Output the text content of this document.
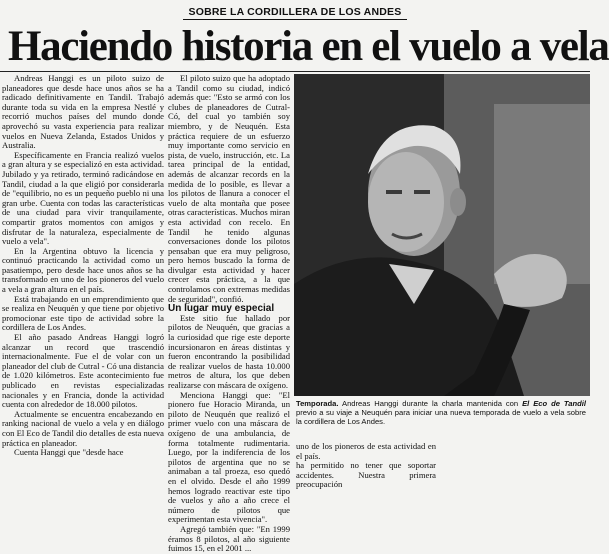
SOBRE LA CORDILLERA DE LOS ANDES
Haciendo historia en el vuelo a vela

Andreas Hanggi es un piloto suizo de planeadores que desde hace unos años se ha radicado definitivamente en Tandil. Trabajó durante toda su vida en la empresa Nestlé y recorrió muchos países del mundo donde aprovechó su vasta experiencia para realizar vuelos en Nueva Zelanda, Estados Unidos y Australia.

Específicamente en Francia realizó vuelos a gran altura y se especializó en esta actividad. Jubilado y ya retirado, terminó radicándose en Tandil, ciudad a la que eligió por considerarla de "equilibrio, no es un pequeño pueblo ni una gran urbe. Cuenta con todas las características de una ciudad para vivir tranquilamente, compartir gratos momentos con amigos y disfrutar de la naturaleza, especialmente de vuelo a vela".

En la Argentina obtuvo la licencia y continuó practicando la actividad como un pasatiempo, pero desde hace unos años se ha transformado en uno de los pioneros del vuelo a vela a gran altura en el país.

Está trabajando en un emprendimiento que se realiza en Neuquén y que tiene por objetivo promocionar este tipo de actividad sobre la cordillera de Los Andes.

El año pasado Andreas Hanggi logró alcanzar un record que trascendió internacionalmente. Fue el de volar con un planeador del club de Cutral - Có una distancia de 1.020 kilómetros. Este acontecimiento fue publicado en revistas especializadas nacionales y en Francia, donde la actividad cuenta con alrededor de 18.000 pilotos.

Actualmente se encuentra encabezando en ranking nacional de vuelo a vela y en diálogo con El Eco de Tandil dio detalles de esta nueva práctica en planeador.

Cuenta Hanggi que "desde hace

El piloto suizo que ha adoptado a Tandil como su ciudad, indicó además que: "Esto se armó con los clubes de planeadores de Cutral-Có, del cual yo también soy miembro, y de Neuquén. Esta práctica requiere de un esfuerzo muy importante como servicio en pista, de vuelo, instrucción, etc. La tarea principal de la entidad, además de alcanzar records en la medida de lo posible, es llevar a los pilotos de llanura a conocer el vuelo de alta montaña que posee otras características. Muchos miran esta actividad con recelo. En Tandil he tenido algunas conversaciones donde los pilotos pensaban que era muy peligroso, pero hemos buscado la forma de divulgar esta actividad y hacer crecer esta práctica, a la que controlamos con extremas medidas de seguridad", confió.

Un lugar muy especial

Este sitio fue hallado por pilotos de Neuquén, que gracias a la curiosidad que rige este deporte incursionaron en áreas distintas y fueron encontrando la posibilidad de realizar vuelos de hasta 10.000 metros de altura, los que deben realizarse con máscara de oxígeno.

Menciona Hanggi que: "El pionero fue Horacio Miranda, un piloto de Neuquén que realizó el primer vuelo con una máscara de oxígeno de una ambulancia, de forma totalmente rudimentaria. Luego, por la indiferencia de los pilotos de argentina que no se animaban a tal proeza, eso quedó en el olvido. Desde el año 1999 hemos logrado reactivar este tipo de vuelos y año a año crece el número de pilotos que experimentan esta vivencia".

Agregó también que: "En 1999 éramos 8 pilotos, al año siguiente fuimos 15, en el 2001 ...

Temporada. Andreas Hanggi durante la charla mantenida con El Eco de Tandil previo a su viaje a Neuquén para iniciar una nueva temporada de vuelo a vela sobre la cordillera de Los Andes.
uno de los pioneros de esta actividad en el país.ha permitido no tener que soportar accidentes. Nuestra primera preocupación
